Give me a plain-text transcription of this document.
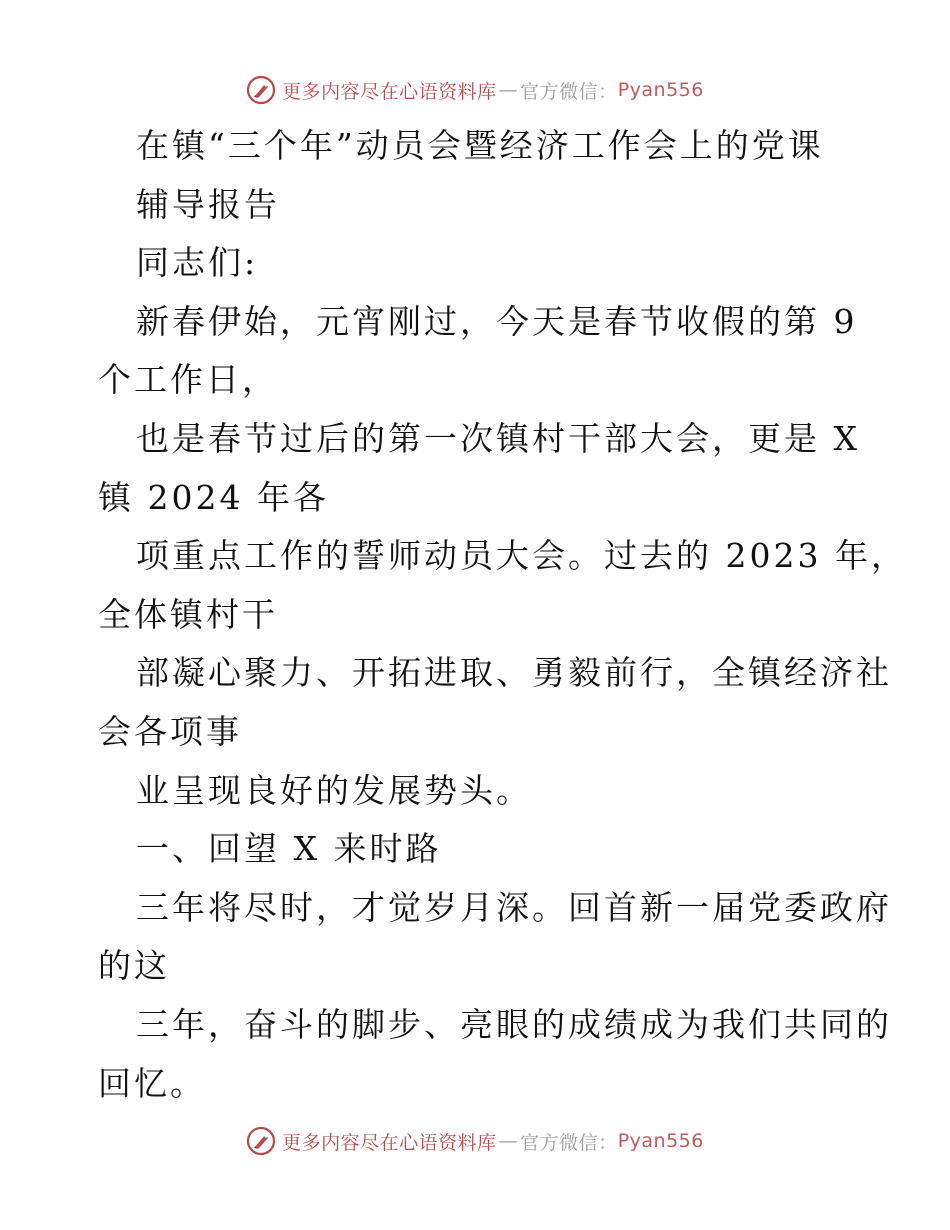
更多内容尽在心语资料库 — 官方微信： Pyan556
在镇“三个年”动员会暨经济工作会上的党课
辅导报告
同志们:
新春伊始，元宵刚过，今天是春节收假的第 9
个工作日，
也是春节过后的第一次镇村干部大会，更是 X
镇 2024 年各
项重点工作的誓师动员大会。过去的 2023 年，
全体镇村干
部凝心聚力、开拓进取、勇毅前行，全镇经济社
会各项事
业呈现良好的发展势头。
一、回望 X 来时路
三年将尽时，才觉岁月深。回首新一届党委政府
的这
三年，奋斗的脚步、亮眼的成绩成为我们共同的
回忆。
更多内容尽在心语资料库 — 官方微信： Pyan556
